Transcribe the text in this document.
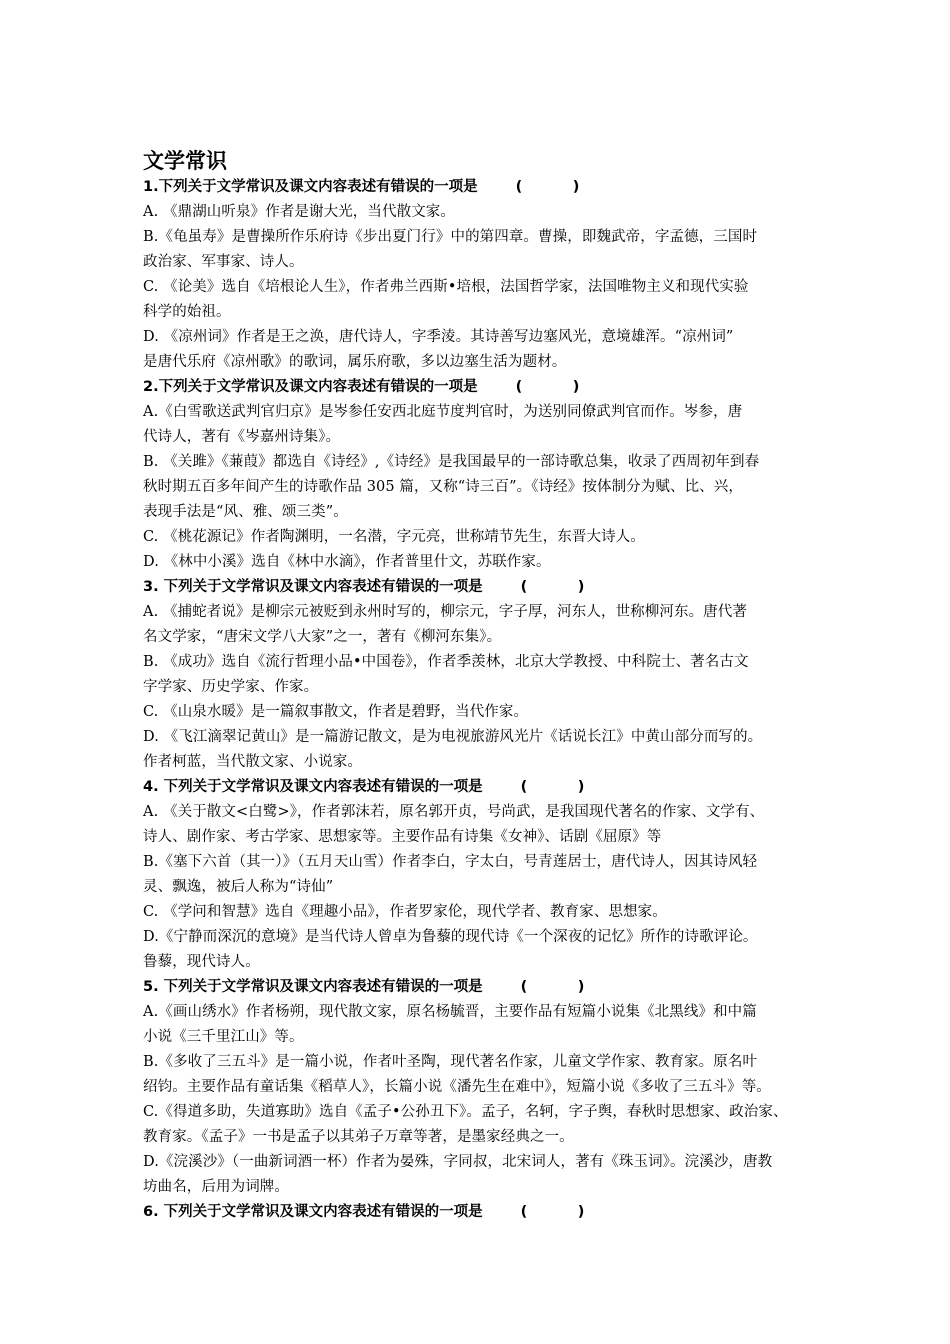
文学常识
1.下列关于文学常识及课文内容表述有错误的一项是	(          )
A. 《鼎湖山听泉》作者是谢大光，当代散文家。
B.《龟虽寿》是曹操所作乐府诗《步出夏门行》中的第四章。曹操，即魏武帝，字孟德，三国时
政治家、军事家、诗人。
C. 《论美》选自《培根论人生》，作者弗兰西斯•培根，法国哲学家，法国唯物主义和现代实验
科学的始祖。
D. 《凉州词》作者是王之涣，唐代诗人，字季淩。其诗善写边塞风光，意境雄浑。“凉州词”
是唐代乐府《凉州歌》的歌词，属乐府歌，多以边塞生活为题材。
2.下列关于文学常识及课文内容表述有错误的一项是	(          )
A.《白雪歌送武判官归京》是岑参任安西北庭节度判官时，为送别同僚武判官而作。岑参，唐
代诗人，著有《岑嘉州诗集》。
B. 《关雎》《蒹葭》都选自《诗经》,《诗经》是我国最早的一部诗歌总集，收录了西周初年到春
秋时期五百多年间产生的诗歌作品 305 篇，又称“诗三百”。《诗经》按体制分为赋、比、兴，
表现手法是“风、雅、颂三类”。
C. 《桃花源记》作者陶渊明，一名潜，字元亮，世称靖节先生，东晋大诗人。
D. 《林中小溪》选自《林中水滴》，作者普里什文，苏联作家。
3. 下列关于文学常识及课文内容表述有错误的一项是	(          )
A. 《捕蛇者说》是柳宗元被贬到永州时写的，柳宗元，字子厚，河东人，世称柳河东。唐代著
名文学家，“唐宋文学八大家”之一，著有《柳河东集》。
B. 《成功》选自《流行哲理小品•中国卷》，作者季羡林，北京大学教授、中科院士、著名古文
字学家、历史学家、作家。
C. 《山泉水暖》是一篇叙事散文，作者是碧野，当代作家。
D. 《飞江滴翠记黄山》是一篇游记散文，是为电视旅游风光片《话说长江》中黄山部分而写的。
作者柯蓝，当代散文家、小说家。
4. 下列关于文学常识及课文内容表述有错误的一项是	(          )
A. 《关于散文<白鹭>》，作者郭沫若，原名郭开贞，号尚武，是我国现代著名的作家、文学有、
诗人、剧作家、考古学家、思想家等。主要作品有诗集《女神》、话剧《屈原》等
B.《塞下六首（其一）》（五月天山雪）作者李白，字太白，号青莲居士，唐代诗人，因其诗风轻
灵、飘逸，被后人称为“诗仙”
C. 《学问和智慧》选自《理趣小品》，作者罗家伦，现代学者、教育家、思想家。
D.《宁静而深沉的意境》是当代诗人曾卓为鲁藜的现代诗《一个深夜的记忆》所作的诗歌评论。
鲁藜，现代诗人。
5. 下列关于文学常识及课文内容表述有错误的一项是	(          )
A.《画山绣水》作者杨朔，现代散文家，原名杨毓晋，主要作品有短篇小说集《北黑线》和中篇
小说《三千里江山》等。
B.《多收了三五斗》是一篇小说，作者叶圣陶，现代著名作家，儿童文学作家、教育家。原名叶
绍钧。主要作品有童话集《稻草人》，长篇小说《潘先生在难中》，短篇小说《多收了三五斗》等。
C.《得道多助，失道寡助》选自《孟子•公孙丑下》。孟子，名轲，字子舆，春秋时思想家、政治家、
教育家。《孟子》一书是孟子以其弟子万章等著，是墨家经典之一。
D.《浣溪沙》（一曲新词酒一杯）作者为晏殊，字同叔，北宋词人，著有《珠玉词》。浣溪沙，唐教
坊曲名，后用为词牌。
6. 下列关于文学常识及课文内容表述有错误的一项是	(          )
